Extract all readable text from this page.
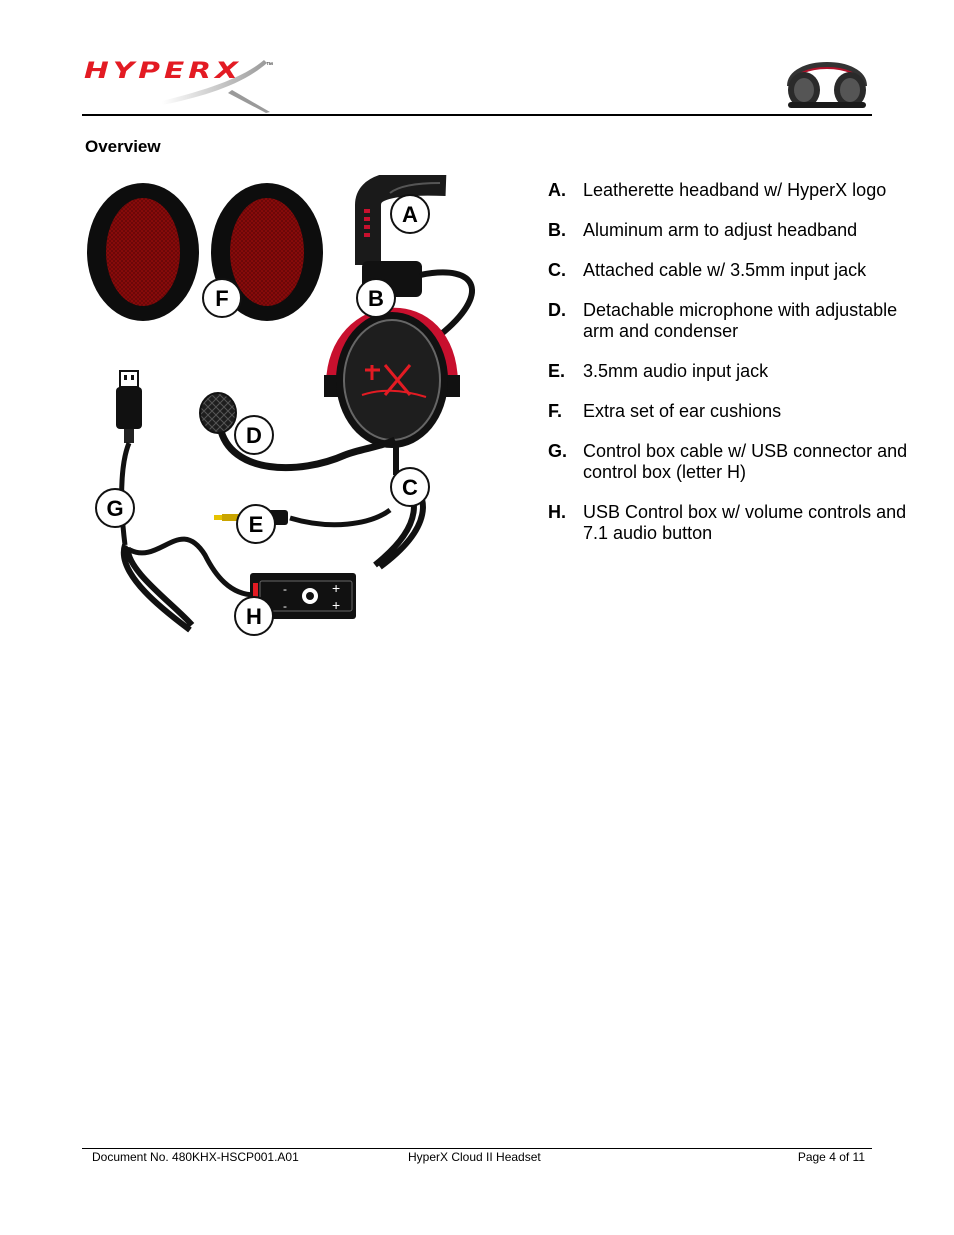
HYPERX	™
Overview
+
+
-
-
A
B
C
D
E
F
G
H
A. Leatherette headband w/ HyperX logo
B. Aluminum arm to adjust headband
C. Attached cable w/ 3.5mm input jack
D. Detachable microphone with adjustable arm and condenser
E. 3.5mm audio input jack
F. Extra set of ear cushions
G. Control box cable w/ USB connector and control box (letter H)
H. USB Control box w/ volume controls and 7.1 audio button
Document No. 480KHX-HSCP001.A01	HyperX Cloud II Headset	Page 4 of 11
